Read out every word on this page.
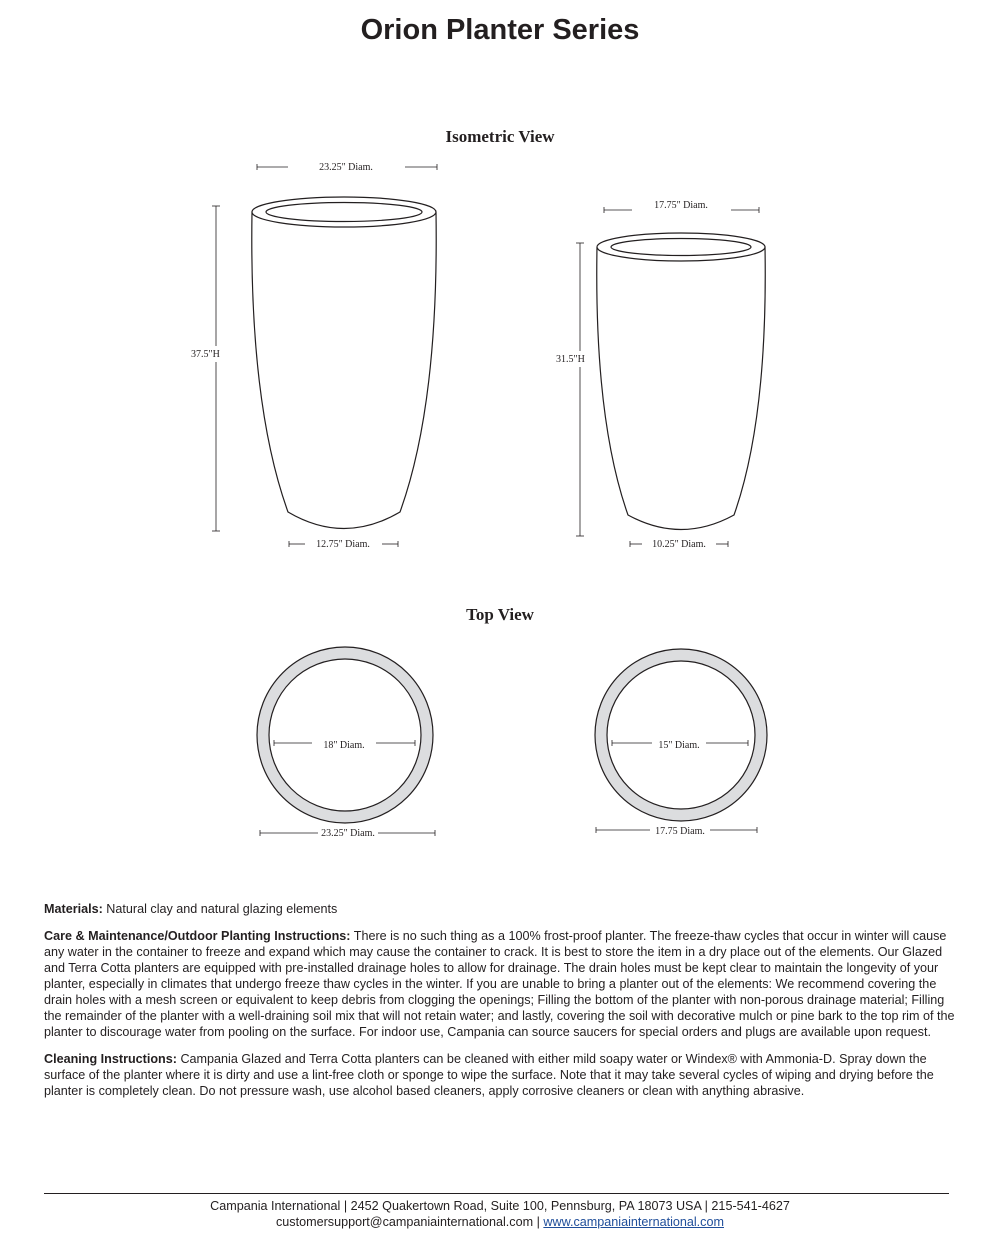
Orion Planter Series
Isometric View
Top View
23.25" Diam.
37.5"H
12.75" Diam.
17.75" Diam.
31.5"H
10.25" Diam.
18" Diam.
23.25" Diam.
15" Diam.
17.75 Diam.

Materials: Natural clay and natural glazing elements

Care & Maintenance/Outdoor Planting Instructions: There is no such thing as a 100% frost-proof planter. The freeze-thaw cycles that occur in winter will cause any water in the container to freeze and expand which may cause the container to crack. It is best to store the item in a dry place out of the elements. Our Glazed and Terra Cotta planters are equipped with pre-installed drainage holes to allow for drainage. The drain holes must be kept clear to maintain the longevity of your planter, especially in climates that undergo freeze thaw cycles in the winter. If you are unable to bring a planter out of the elements: We recommend covering the drain holes with a mesh screen or equivalent to keep debris from clogging the openings; Filling the bottom of the planter with non-porous drainage material; Filling the remainder of the planter with a well-draining soil mix that will not retain water; and lastly, covering the soil with decorative mulch or pine bark to the top rim of the planter to discourage water from pooling on the surface. For indoor use, Campania can source saucers for special orders and plugs are available upon request.

Cleaning Instructions: Campania Glazed and Terra Cotta planters can be cleaned with either mild soapy water or Windex® with Ammonia-D. Spray down the surface of the planter where it is dirty and use a lint-free cloth or sponge to wipe the surface. Note that it may take several cycles of wiping and drying before the planter is completely clean. Do not pressure wash, use alcohol based cleaners, apply corrosive cleaners or clean with anything abrasive.

Campania International | 2452 Quakertown Road, Suite 100, Pennsburg, PA 18073 USA | 215-541-4627
customersupport@campaniainternational.com | www.campaniainternational.com
